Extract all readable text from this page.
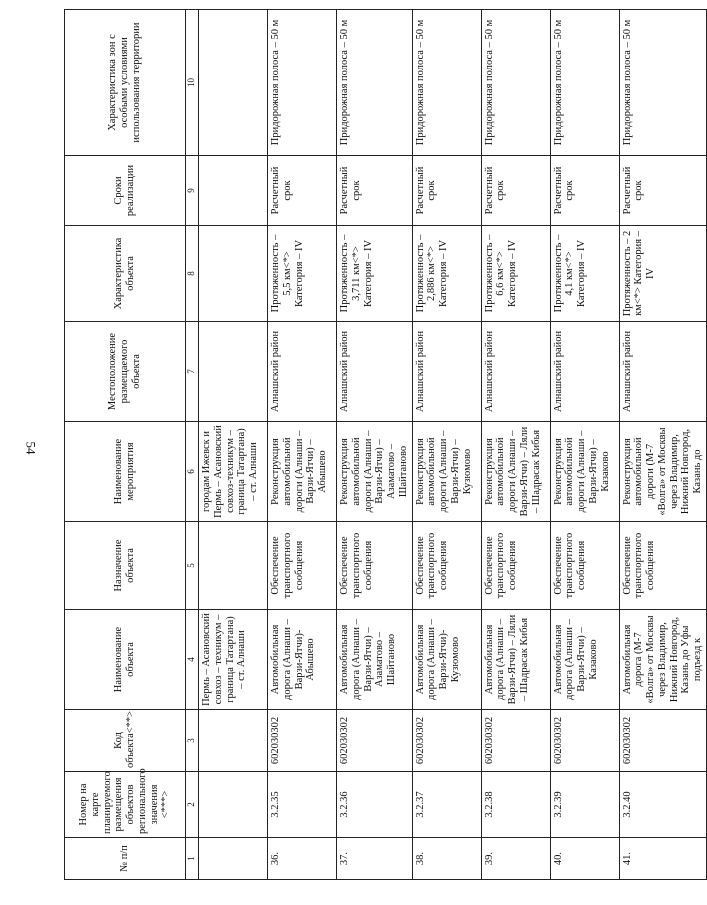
54
№ п/п	Номер на карте планируемого размещения объектов регионального значения <***>	Код объекта<**>	Наименование объекта	Назначение объекта	Наименование мероприятия	Местоположение размещаемого объекта	Характеристика объекта	Сроки реализации	Характеристика зон с особыми условиями использования территории
1	2	3	4	5	6	7	8	9	10
			Пермь – Асановский совхоз – техникум – граница Татартана) – ст. Алнаши		городам Ижевск и Пермь – Асановский совхоз-техникум – граница Татартана) – ст. Алнаши				
36.	3.2.35	602030302	Автомобильная дорога (Алнаши – Варзи-Ятчи)-Абышево	Обеспечение транспортного сообщения	Реконструкция автомобильной дороги (Алнаши – Варзи-Ятчи) – Абышево	Алнашский район	Протяженность – 5,5 км<*> Категория – IV	Расчетный срок	Придорожная полоса – 50 м
37.	3.2.36	602030302	Автомобильная дорога (Алнаши – Варзи-Ятчи) – Азаматово – Шайтаново	Обеспечение транспортного сообщения	Реконструкция автомобильной дороги (Алнаши – Варзи-Ятчи) – Азаматово – Шайтаново	Алнашский район	Протяженность – 3,711 км<*> Категория – IV	Расчетный срок	Придорожная полоса – 50 м
38.	3.2.37	602030302	Автомобильная дорога (Алнаши – Варзи-Ятчи)- Кузюмово	Обеспечение транспортного сообщения	Реконструкция автомобильной дороги (Алнаши – Варзи-Ятчи) – Кузюмово	Алнашский район	Протяженность – 2,886 км<*> Категория – IV	Расчетный срок	Придорожная полоса – 50 м
39.	3.2.38	602030302	Автомобильная дорога (Алнаши – Варзи-Ятчи) – Ляли – Шадрасак Кибья	Обеспечение транспортного сообщения	Реконструкция автомобильной дороги (Алнаши – Варзи-Ятчи) – Ляли – Шадрасак Кибья	Алнашский район	Протяженность – 6,6 км<*> Категория – IV	Расчетный срок	Придорожная полоса – 50 м
40.	3.2.39	602030302	Автомобильная дорога (Алнаши – Варзи-Ятчи) – Казаково	Обеспечение транспортного сообщения	Реконструкция автомобильной дороги (Алнаши – Варзи-Ятчи) – Казаково	Алнашский район	Протяженность – 4,1 км<*> Категория – IV	Расчетный срок	Придорожная полоса – 50 м
41.	3.2.40	602030302	Автомобильная дорога (М-7 «Волга» от Москвы через Владимир, Нижний Новгород, Казань до Уфы подъезд к	Обеспечение транспортного сообщения	Реконструкция автомобильной дороги (М-7 «Волга» от Москвы через Владимир, Нижний Новгород, Казань до	Алнашский район	Протяженность – 2 км<*> Категория – IV	Расчетный срок	Придорожная полоса – 50 м
